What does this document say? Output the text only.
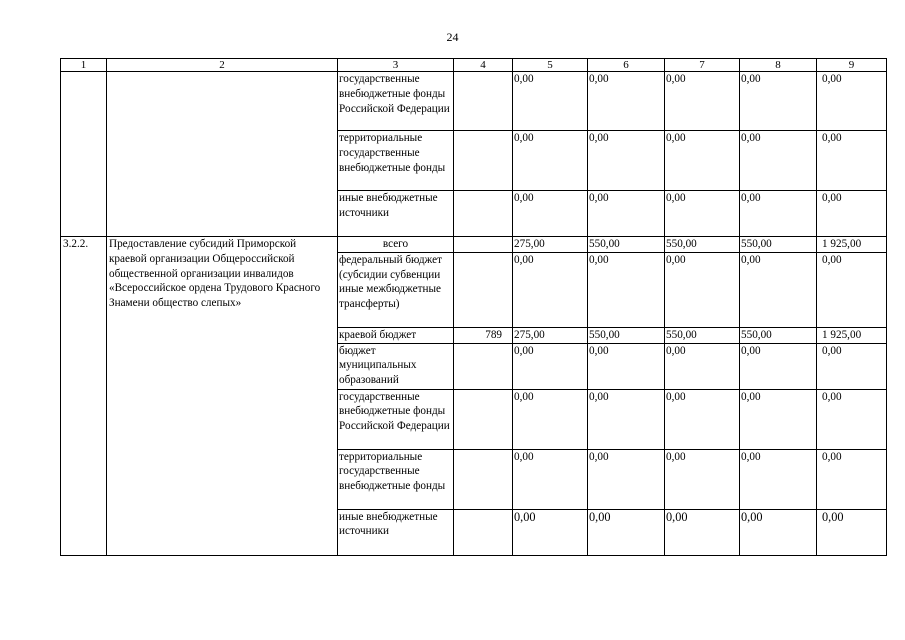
24
1	2	3	4	5	6	7	8	9
		государственные внебюджетные фонды Российской Федерации		0,00	0,00	0,00	0,00	0,00
		территориальные государственные внебюджетные фонды		0,00	0,00	0,00	0,00	0,00
		иные внебюджетные источники		0,00	0,00	0,00	0,00	0,00
3.2.2.	Предоставление субсидий Приморской краевой организации Общероссийской общественной организации инвалидов «Всероссийское ордена Трудового Красного Знамени общество слепых»	всего		275,00	550,00	550,00	550,00	1 925,00
		федеральный бюджет (субсидии субвенции иные межбюджетные трансферты)		0,00	0,00	0,00	0,00	0,00
		краевой бюджет	789	275,00	550,00	550,00	550,00	1 925,00
		бюджет муниципальных образований		0,00	0,00	0,00	0,00	0,00
		государственные внебюджетные фонды Российской Федерации		0,00	0,00	0,00	0,00	0,00
		территориальные государственные внебюджетные фонды		0,00	0,00	0,00	0,00	0,00
		иные внебюджетные источники		0,00	0,00	0,00	0,00	0,00
